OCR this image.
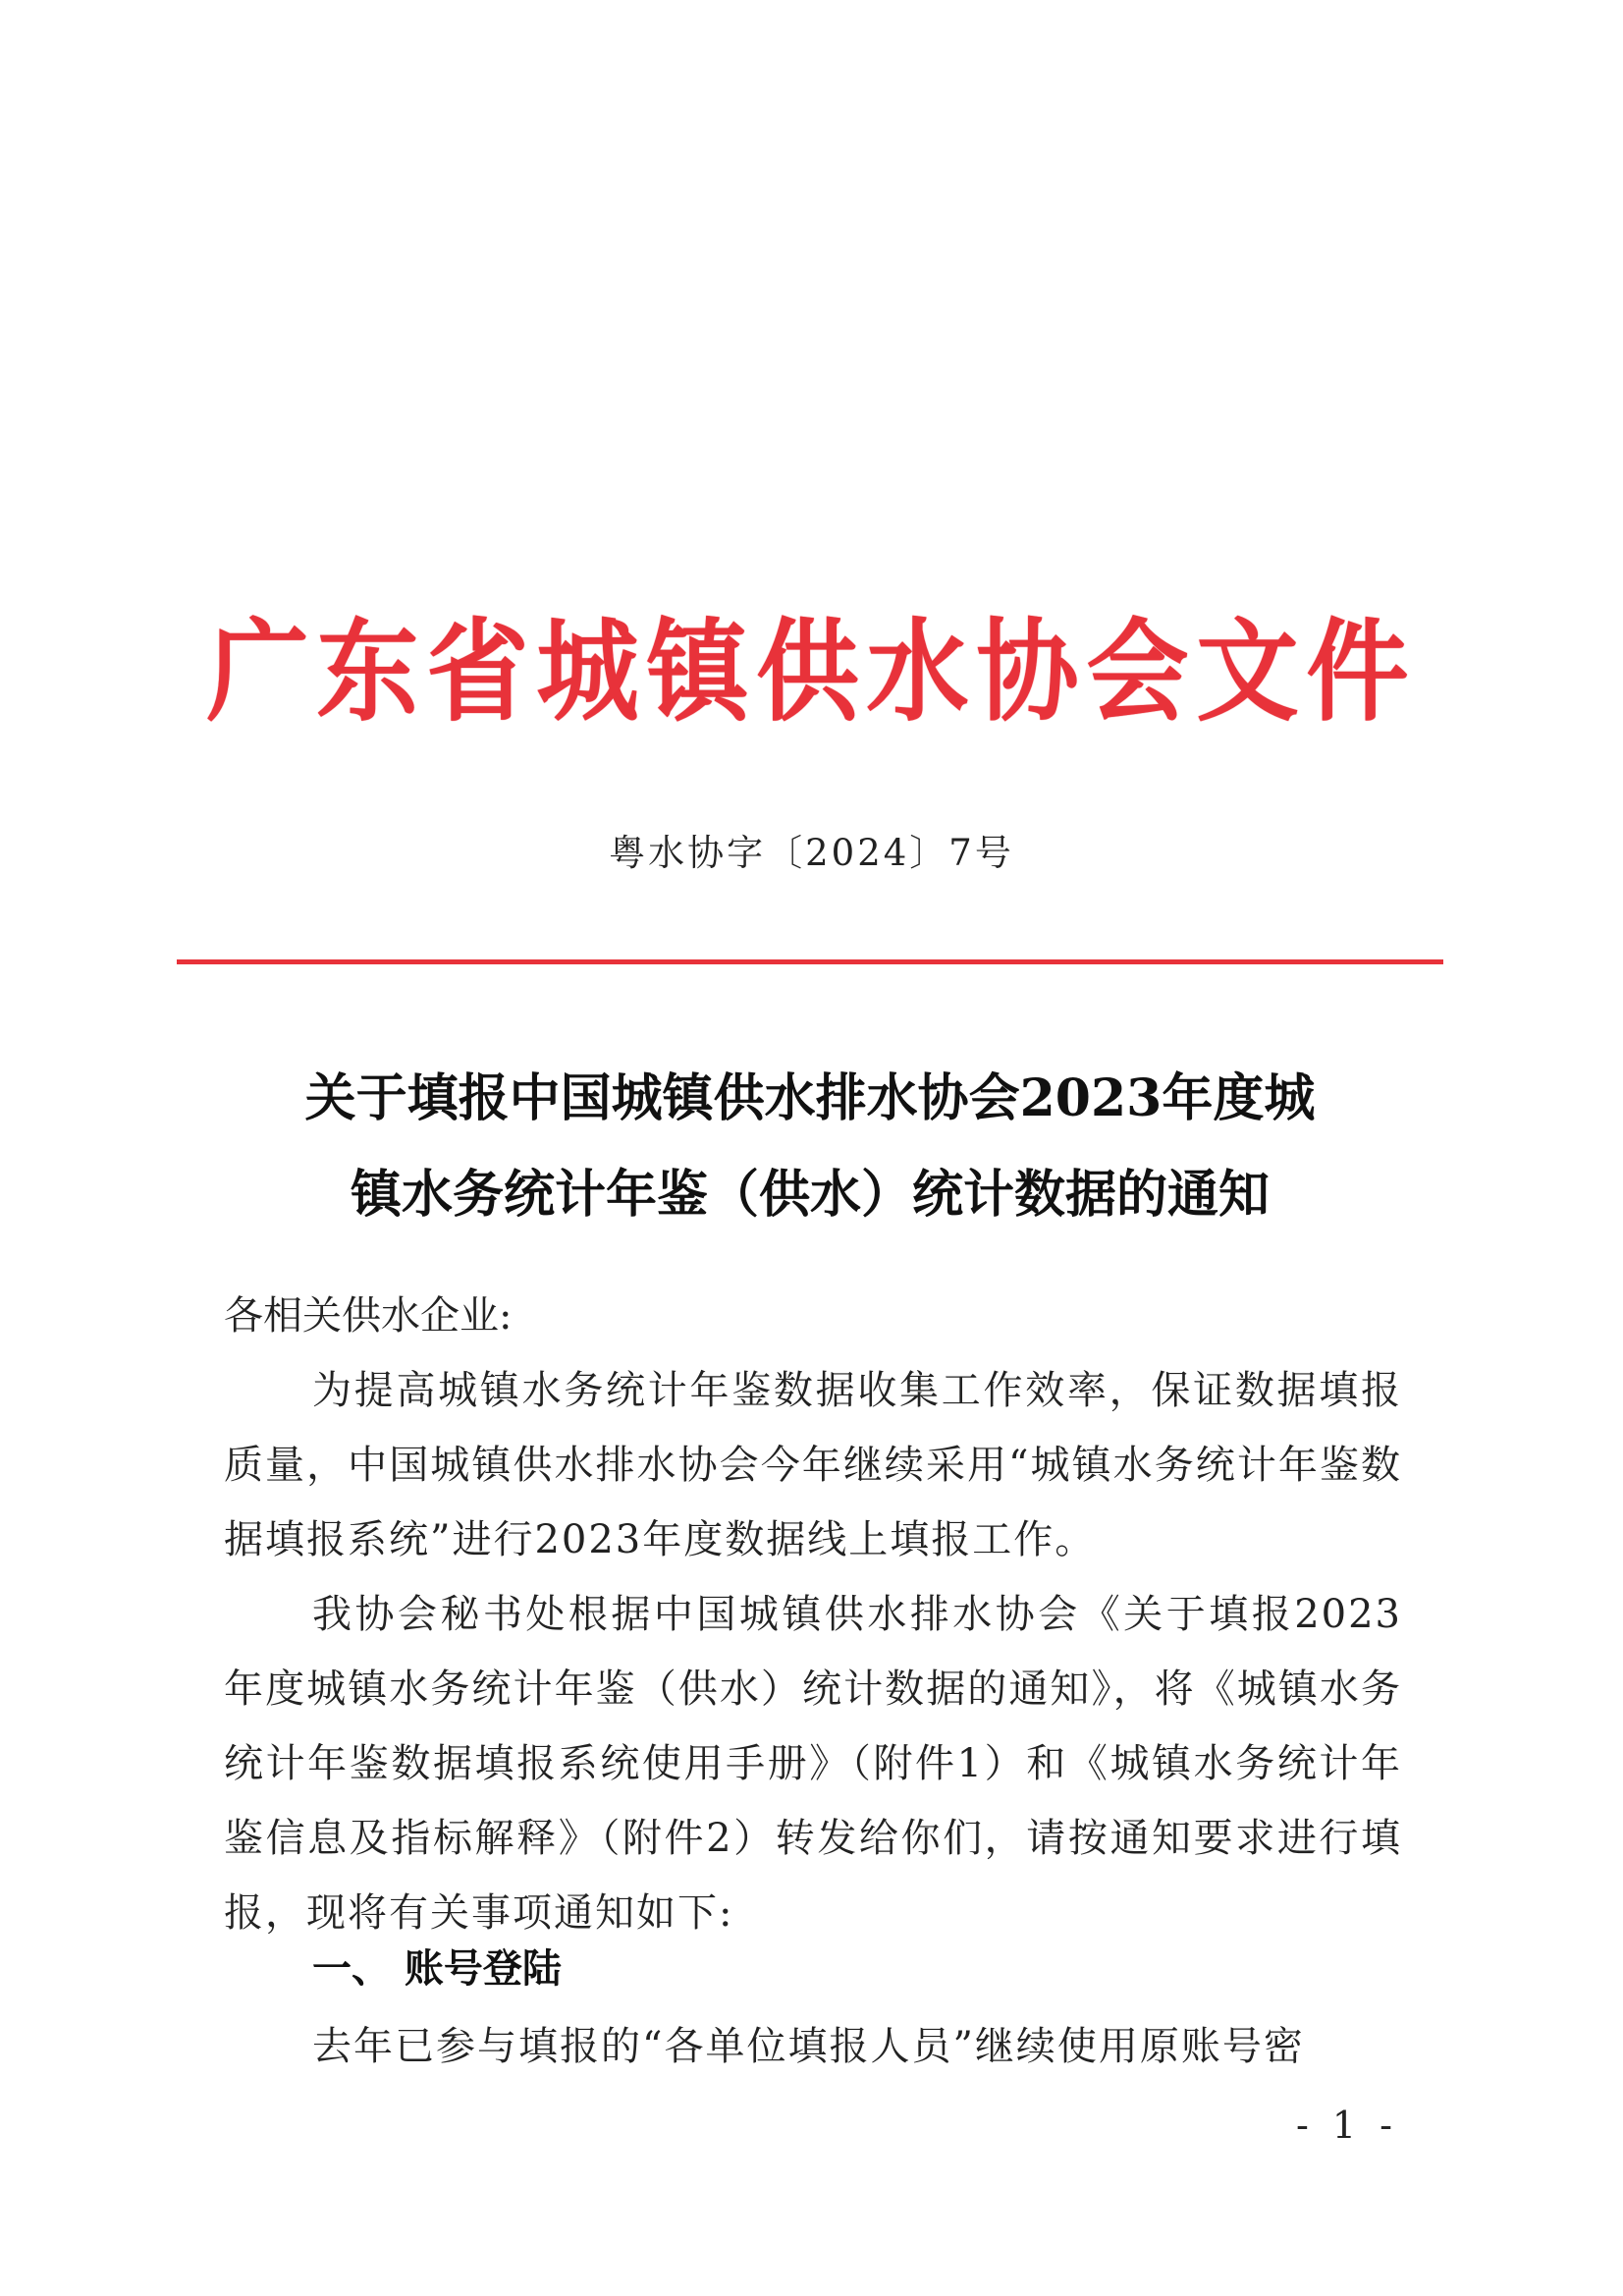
广东省城镇供水协会文件
粤水协字〔2024〕7号
关于填报中国城镇供水排水协会2023年度城
镇水务统计年鉴（供水）统计数据的通知
各相关供水企业:
为提高城镇水务统计年鉴数据收集工作效率，保证数据填报质量，中国城镇供水排水协会今年继续采用“城镇水务统计年鉴数据填报系统”进行2023年度数据线上填报工作。
我协会秘书处根据中国城镇供水排水协会《关于填报2023年度城镇水务统计年鉴（供水）统计数据的通知》，将《城镇水务统计年鉴数据填报系统使用手册》（附件1）和《城镇水务统计年鉴信息及指标解释》（附件2）转发给你们，请按通知要求进行填报，现将有关事项通知如下:
一、 账号登陆
去年已参与填报的“各单位填报人员”继续使用原账号密
- 1 -
